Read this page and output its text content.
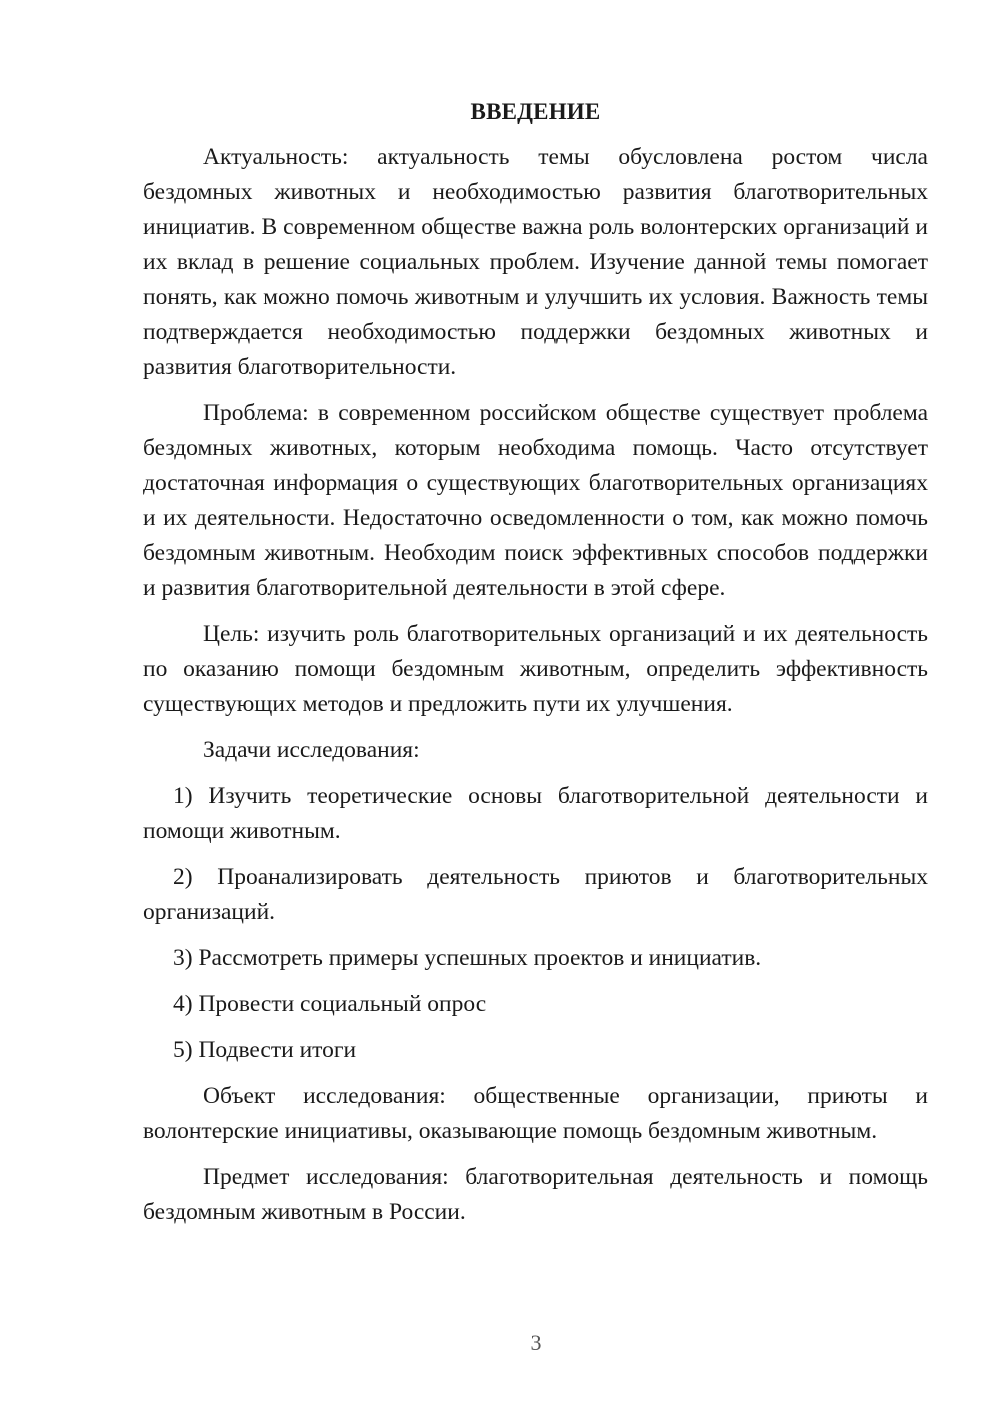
ВВЕДЕНИЕ

Актуальность: актуальность темы обусловлена ростом числа бездомных животных и необходимостью развития благотворительных инициатив. В современном обществе важна роль волонтерских организаций и их вклад в решение социальных проблем. Изучение данной темы помогает понять, как можно помочь животным и улучшить их условия. Важность темы подтверждается необходимостью поддержки бездомных животных и развития благотворительности.

Проблема: в современном российском обществе существует проблема бездомных животных, которым необходима помощь. Часто отсутствует достаточная информация о существующих благотворительных организациях и их деятельности. Недостаточно осведомленности о том, как можно помочь бездомным животным. Необходим поиск эффективных способов поддержки и развития благотворительной деятельности в этой сфере.

Цель: изучить роль благотворительных организаций и их деятельность по оказанию помощи бездомным животным, определить эффективность существующих методов и предложить пути их улучшения.

Задачи исследования:

1) Изучить теоретические основы благотворительной деятельности и помощи животным.

2) Проанализировать деятельность приютов и благотворительных организаций.

3) Рассмотреть примеры успешных проектов и инициатив.

4) Провести социальный опрос

5) Подвести итоги

Объект исследования: общественные организации, приюты и волонтерские инициативы, оказывающие помощь бездомным животным.

Предмет исследования: благотворительная деятельность и помощь бездомным животным в России.

3
